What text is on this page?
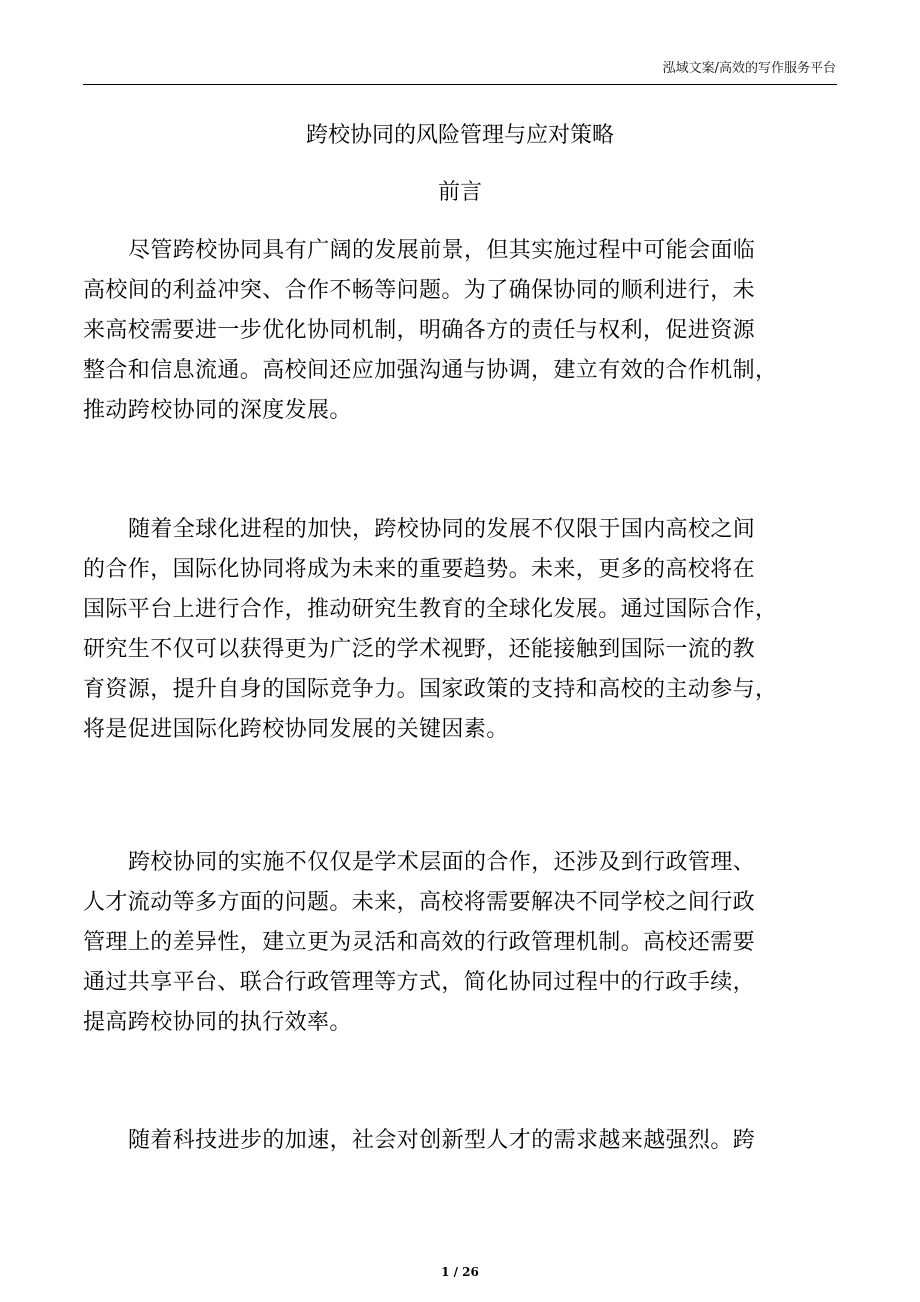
泓域文案/高效的写作服务平台
跨校协同的风险管理与应对策略
前言
尽管跨校协同具有广阔的发展前景，但其实施过程中可能会面临
高校间的利益冲突、合作不畅等问题。为了确保协同的顺利进行，未
来高校需要进一步优化协同机制，明确各方的责任与权利，促进资源
整合和信息流通。高校间还应加强沟通与协调，建立有效的合作机制，
推动跨校协同的深度发展。
随着全球化进程的加快，跨校协同的发展不仅限于国内高校之间
的合作，国际化协同将成为未来的重要趋势。未来，更多的高校将在
国际平台上进行合作，推动研究生教育的全球化发展。通过国际合作，
研究生不仅可以获得更为广泛的学术视野，还能接触到国际一流的教
育资源，提升自身的国际竞争力。国家政策的支持和高校的主动参与，
将是促进国际化跨校协同发展的关键因素。
跨校协同的实施不仅仅是学术层面的合作，还涉及到行政管理、
人才流动等多方面的问题。未来，高校将需要解决不同学校之间行政
管理上的差异性，建立更为灵活和高效的行政管理机制。高校还需要
通过共享平台、联合行政管理等方式，简化协同过程中的行政手续，
提高跨校协同的执行效率。
随着科技进步的加速，社会对创新型人才的需求越来越强烈。跨
1 / 26
